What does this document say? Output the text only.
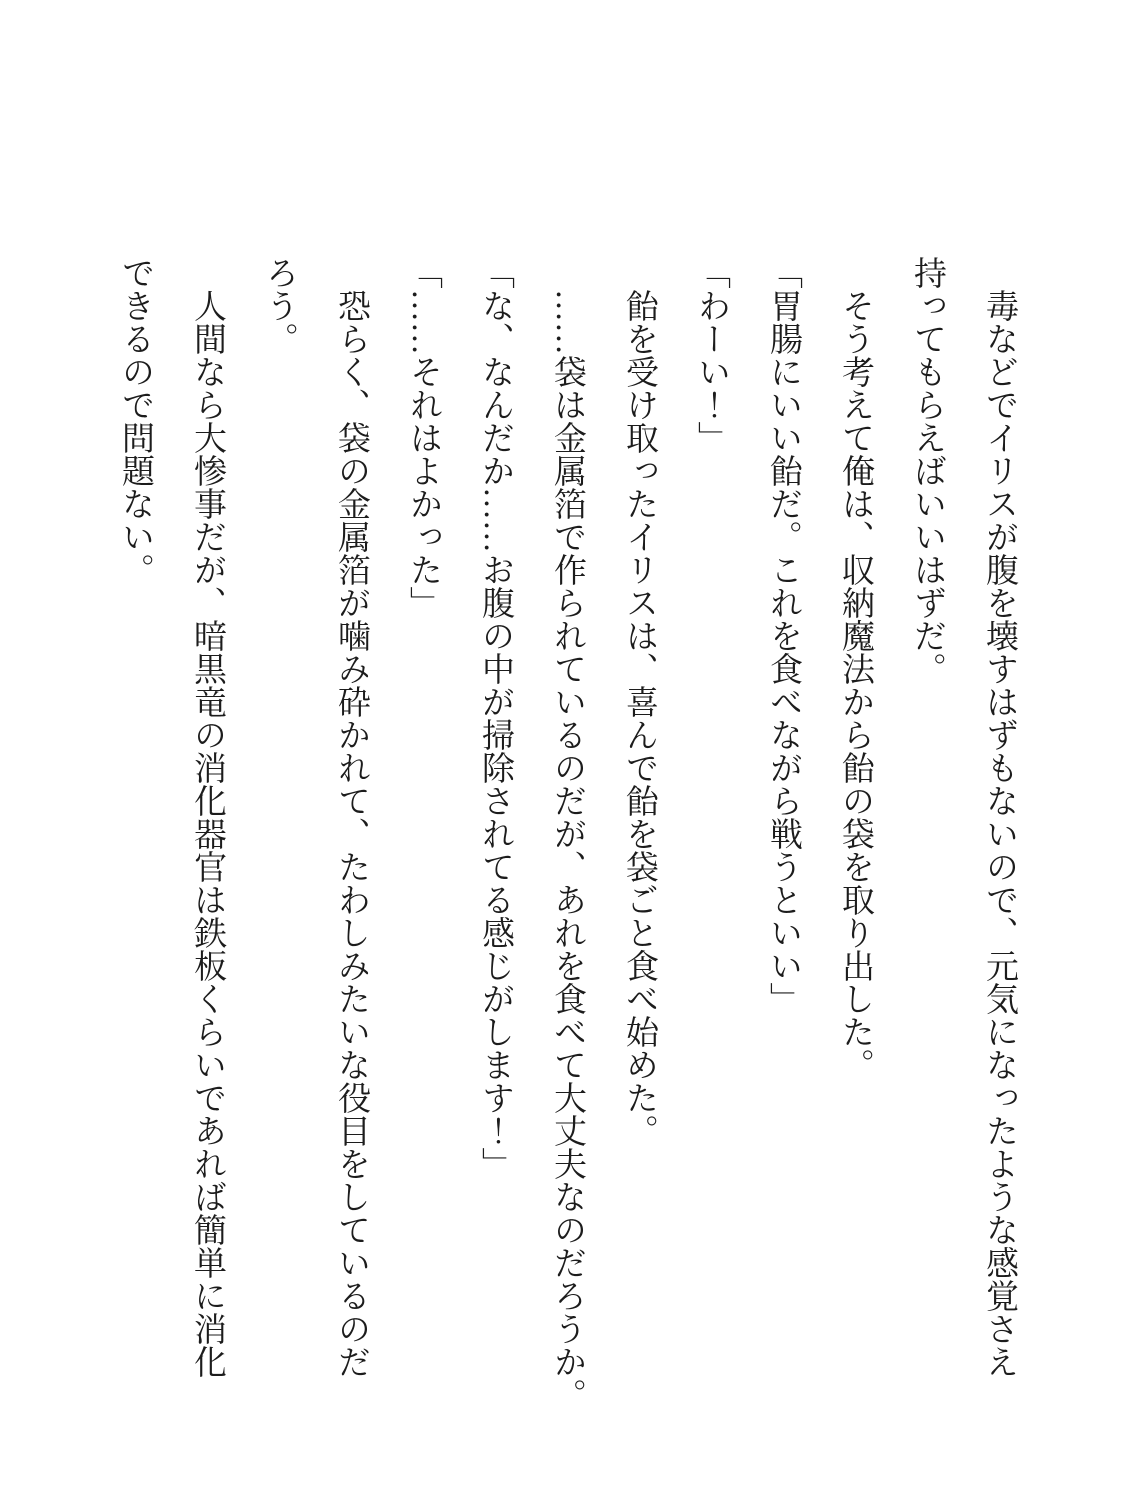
毒などでイリスが腹を壊すはずもないので、元気になったような感覚さえ
持ってもらえばいいはずだ。
そう考えて俺は、収納魔法から飴の袋を取り出した。
「胃腸にいい飴だ。これを食べながら戦うといい」
「わーい！」
飴を受け取ったイリスは、喜んで飴を袋ごと食べ始めた。
……袋は金属箔で作られているのだが、あれを食べて大丈夫なのだろうか。
「な、なんだか……お腹の中が掃除されてる感じがします！」
「……それはよかった」
恐らく、袋の金属箔が噛み砕かれて、たわしみたいな役目をしているのだ
ろう。
人間なら大惨事だが、暗黒竜の消化器官は鉄板くらいであれば簡単に消化
できるので問題ない。
